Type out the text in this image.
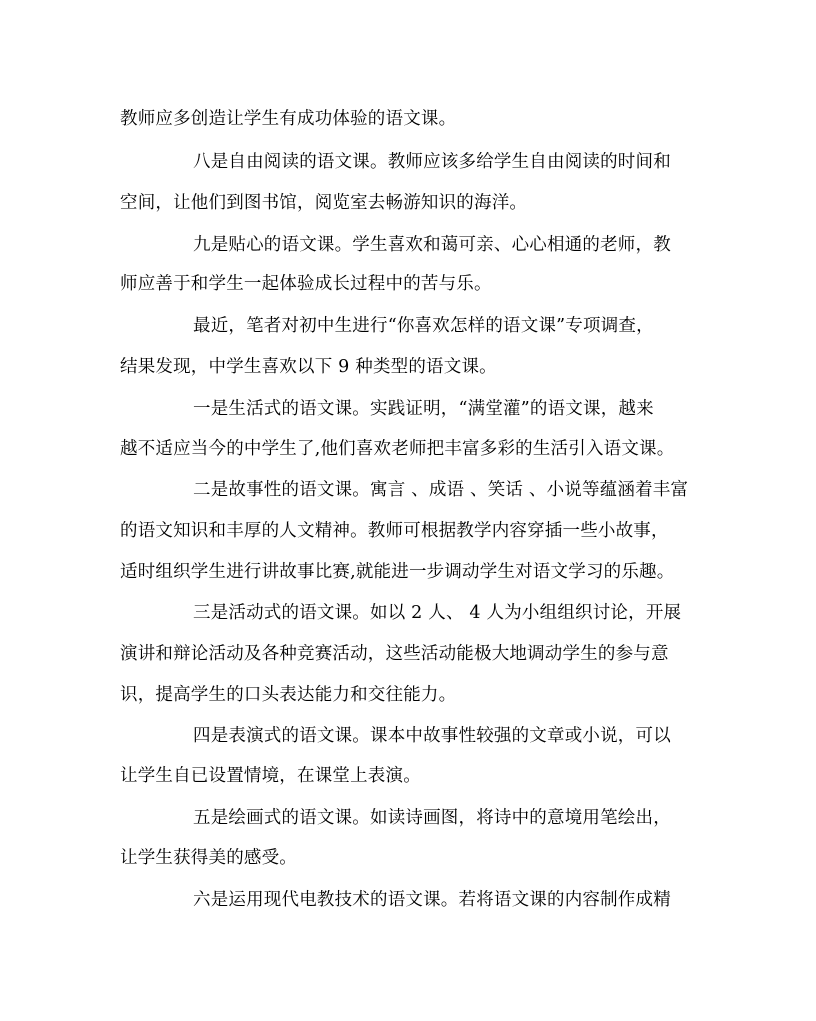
教师应多创造让学生有成功体验的语文课。
八是自由阅读的语文课。教师应该多给学生自由阅读的时间和
空间，让他们到图书馆，阅览室去畅游知识的海洋。
九是贴心的语文课。学生喜欢和蔼可亲、心心相通的老师，教
师应善于和学生一起体验成长过程中的苦与乐。
最近，笔者对初中生进行“你喜欢怎样的语文课”专项调查，
结果发现，中学生喜欢以下 9 种类型的语文课。
一是生活式的语文课。实践证明，“满堂灌”的语文课，越来
越不适应当今的中学生了,他们喜欢老师把丰富多彩的生活引入语文课。
二是故事性的语文课。寓言 、成语 、笑话 、小说等蕴涵着丰富
的语文知识和丰厚的人文精神。教师可根据教学内容穿插一些小故事，
适时组织学生进行讲故事比赛,就能进一步调动学生对语文学习的乐趣。
三是活动式的语文课。如以 2 人、 4 人为小组组织讨论，开展
演讲和辩论活动及各种竞赛活动，这些活动能极大地调动学生的参与意
识，提高学生的口头表达能力和交往能力。
四是表演式的语文课。课本中故事性较强的文章或小说，可以
让学生自已设置情境，在课堂上表演。
五是绘画式的语文课。如读诗画图，将诗中的意境用笔绘出，
让学生获得美的感受。
六是运用现代电教技术的语文课。若将语文课的内容制作成精
